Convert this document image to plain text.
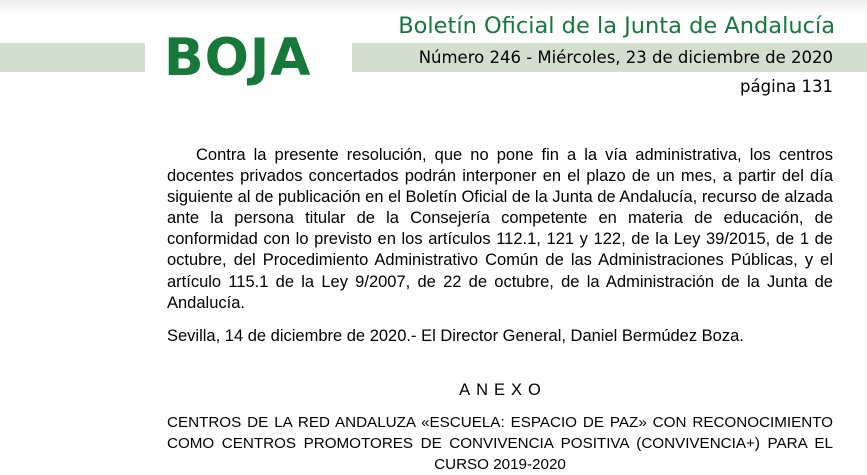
BOJA
Boletín Oficial de la Junta de Andalucía
Número 246 - Miércoles, 23 de diciembre de 2020
página 131

Contra la presente resolución, que no pone fin a la vía administrativa, los centros docentes privados concertados podrán interponer en el plazo de un mes, a partir del día siguiente al de publicación en el Boletín Oficial de la Junta de Andalucía, recurso de alzada ante la persona titular de la Consejería competente en materia de educación, de conformidad con lo previsto en los artículos 112.1, 121 y 122, de la Ley 39/2015, de 1 de octubre, del Procedimiento Administrativo Común de las Administraciones Públicas, y el artículo 115.1 de la Ley 9/2007, de 22 de octubre, de la Administración de la Junta de Andalucía.

Sevilla, 14 de diciembre de 2020.- El Director General, Daniel Bermúdez Boza.

ANEXO
CENTROS DE LA RED ANDALUZA «ESCUELA: ESPACIO DE PAZ» CON RECONOCIMIENTO COMO CENTROS PROMOTORES DE CONVIVENCIA POSITIVA (CONVIVENCIA+) PARA EL CURSO 2019-2020
